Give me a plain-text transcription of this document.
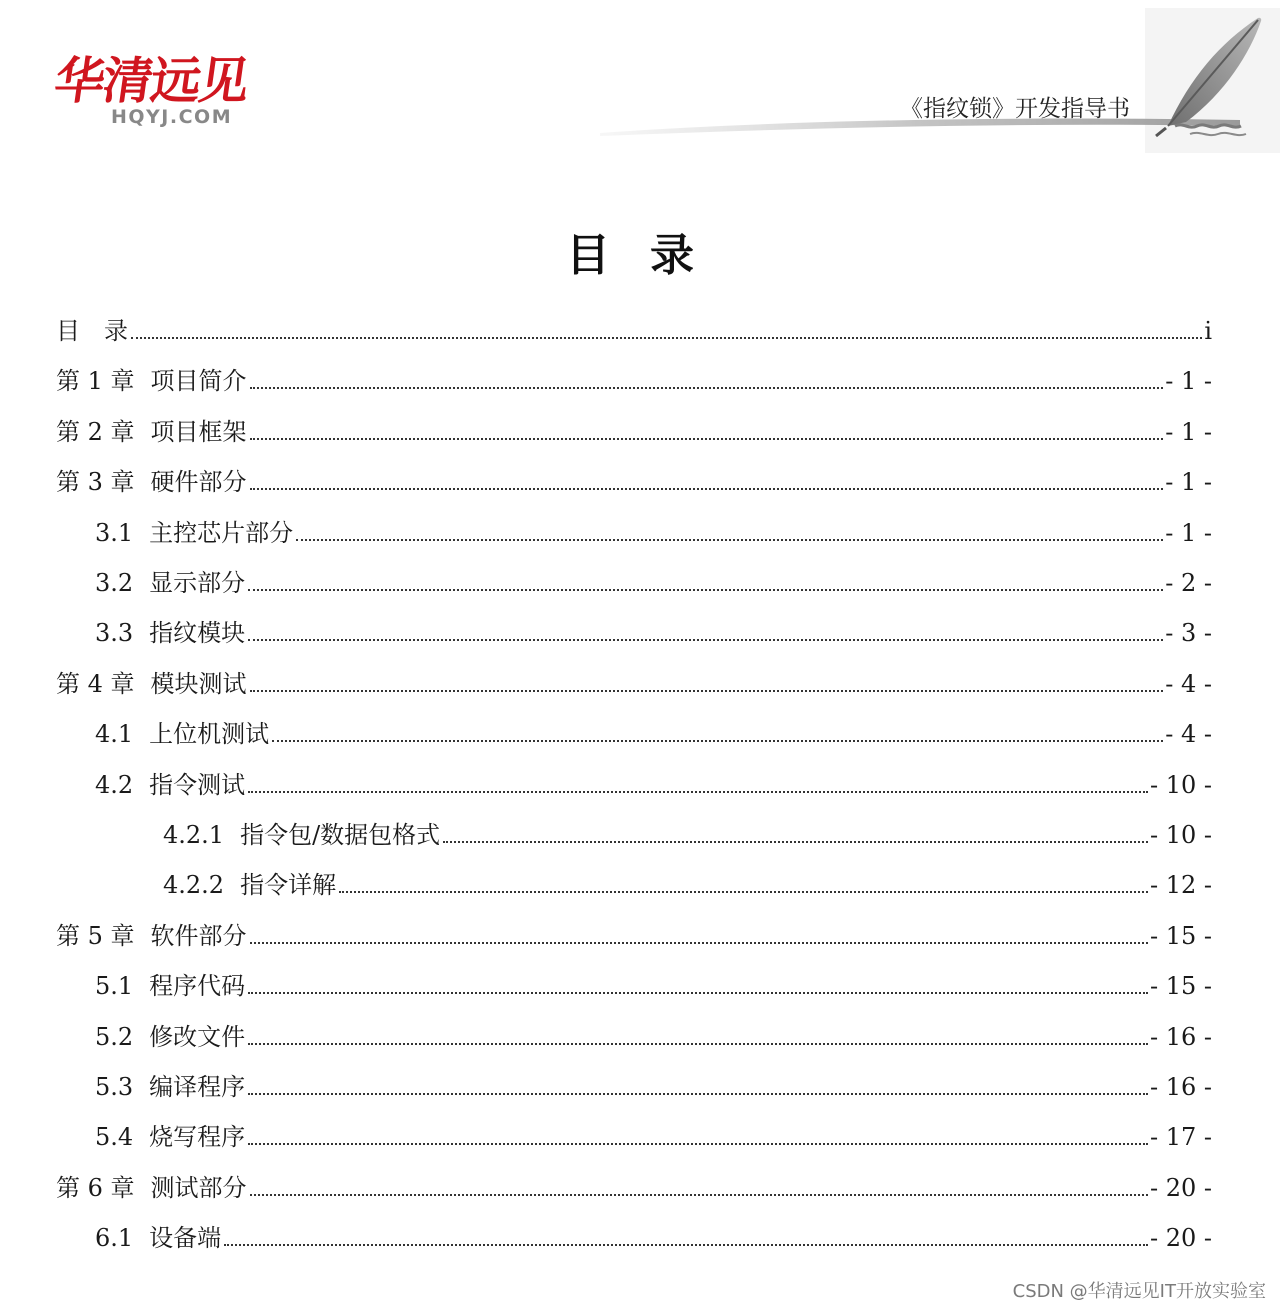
华清远见
HQYJ.COM	《指纹锁》开发指导书
目录
目　录	i
第 1 章 项目简介	- 1 -
第 2 章 项目框架	- 1 -
第 3 章 硬件部分	- 1 -
3.1 主控芯片部分	- 1 -
3.2 显示部分	- 2 -
3.3 指纹模块	- 3 -
第 4 章 模块测试	- 4 -
4.1 上位机测试	- 4 -
4.2 指令测试	- 10 -
4.2.1 指令包/数据包格式	- 10 -
4.2.2 指令详解	- 12 -
第 5 章 软件部分	- 15 -
5.1 程序代码	- 15 -
5.2 修改文件	- 16 -
5.3 编译程序	- 16 -
5.4 烧写程序	- 17 -
第 6 章 测试部分	- 20 -
6.1 设备端	- 20 -
CSDN @华清远见IT开放实验室
